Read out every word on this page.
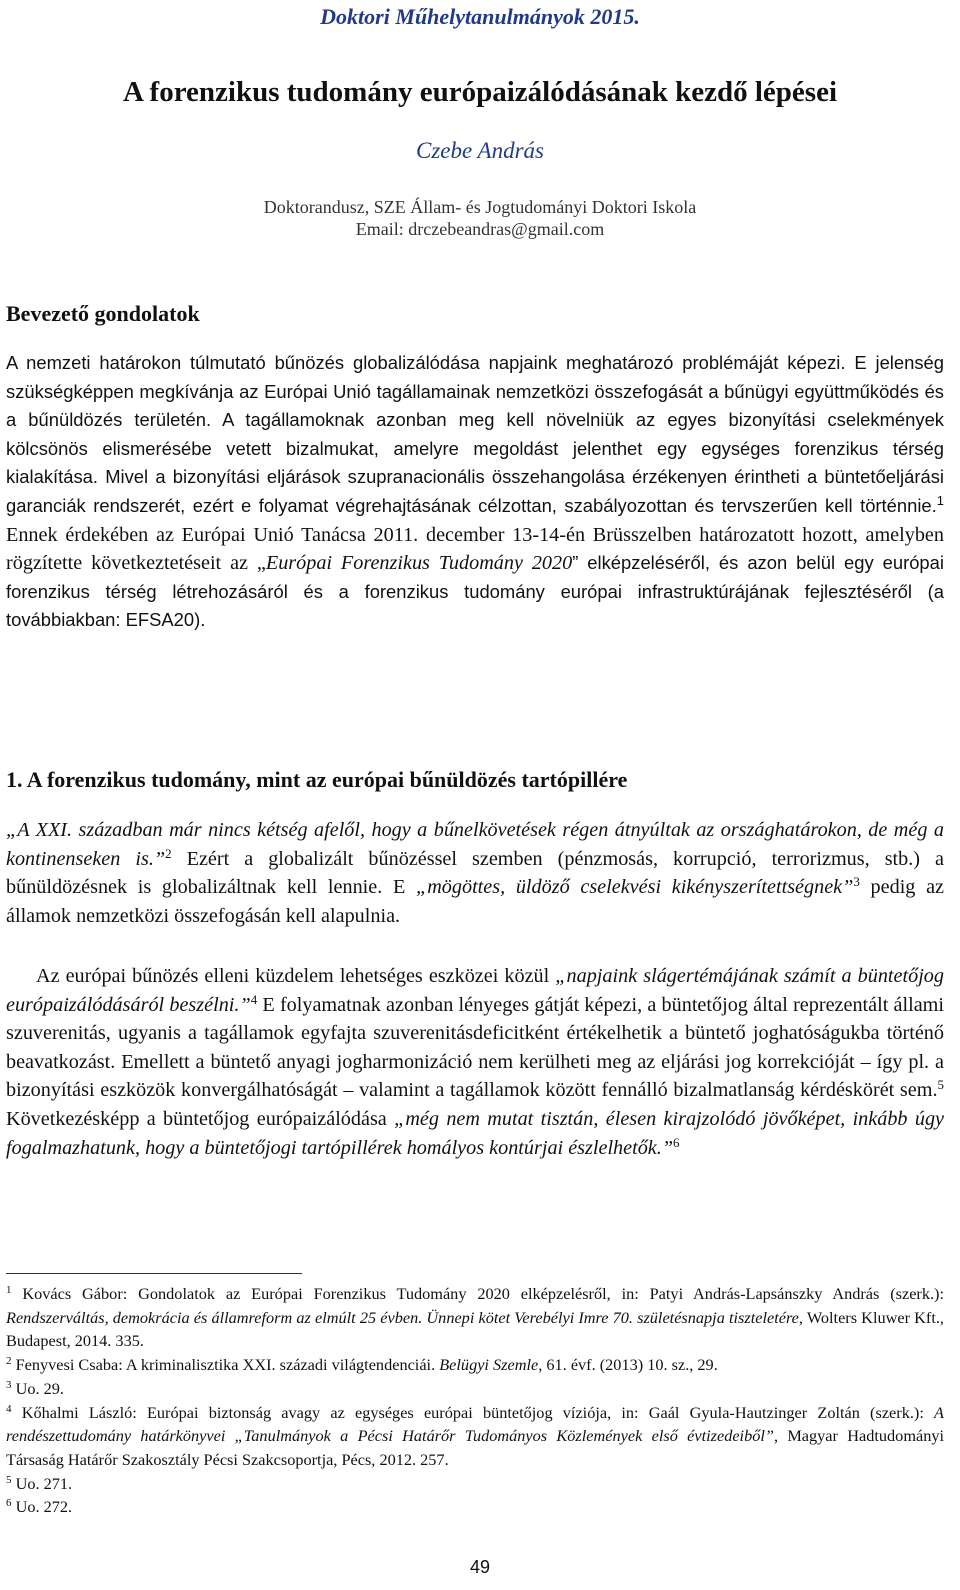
Doktori Műhelytanulmányok 2015.
A forenzikus tudomány európaizálódásának kezdő lépései
Czebe András
Doktorandusz, SZE Állam- és Jogtudományi Doktori Iskola
Email: drczebeandras@gmail.com
Bevezető gondolatok
A nemzeti határokon túlmutató bűnözés globalizálódása napjaink meghatározó problémáját képezi. E jelenség szükségképpen megkívánja az Európai Unió tagállamainak nemzetközi összefogását a bűnügyi együttműködés és a bűnüldözés területén. A tagállamoknak azonban meg kell növelniük az egyes bizonyítási cselekmények kölcsönös elismerésébe vetett bizalmukat, amelyre megoldást jelenthet egy egységes forenzikus térség kialakítása. Mivel a bizonyítási eljárások szupranacionális összehangolása érzékenyen érintheti a büntetőeljárási garanciák rendszerét, ezért e folyamat végrehajtásának célzottan, szabályozottan és tervszerűen kell történnie.$^1$ Ennek érdekében az Európai Unió Tanácsa 2011. december 13-14-én Brüsszelben határozatott hozott, amelyben rögzítette következtetéseit az „Európai Forenzikus Tudomány 2020” elképzeléséről, és azon belül egy európai forenzikus térség létrehozásáról és a forenzikus tudomány európai infrastruktúrájának fejlesztéséről (a továbbiakban: EFSA20).
1. A forenzikus tudomány, mint az európai bűnüldözés tartópillére
„A XXI. században már nincs kétség afelől, hogy a bűnelkövetések régen átnyúltak az országhatárokon, de még a kontinenseken is.”$^2$ Ezért a globalizált bűnözéssel szemben (pénzmosás, korrupció, terrorizmus, stb.) a bűnüldözésnek is globalizáltnak kell lennie. E „mögöttes, üldöző cselekvési kikényszerítettségnek”$^3$ pedig az államok nemzetközi összefogásán kell alapulnia.
Az európai bűnözés elleni küzdelem lehetséges eszközei közül „napjaink slágertémájának számít a büntetőjog európaizálódásáról beszélni.”$^4$ E folyamatnak azonban lényeges gátját képezi, a büntetőjog által reprezentált állami szuverenitás, ugyanis a tagállamok egyfajta szuverenitásdeficitként értékelhetik a büntető joghatóságukba történő beavatkozást. Emellett a büntető anyagi jogharmonizáció nem kerülheti meg az eljárási jog korrekcióját – így pl. a bizonyítási eszközök konvergálhatóságát – valamint a tagállamok között fennálló bizalmatlanság kérdéskörét sem.$^5$ Következésképp a büntetőjog európaizálódása „még nem mutat tisztán, élesen kirajzolódó jövőképet, inkább úgy fogalmazhatunk, hogy a büntetőjogi tartópillérek homályos kontúrjai észlelhetők.”$^6$

$^1$ Kovács Gábor: Gondolatok az Európai Forenzikus Tudomány 2020 elképzelésről, in: Patyi András-Lapsánszky András (szerk.): Rendszerváltás, demokrácia és államreform az elmúlt 25 évben. Ünnepi kötet Verebélyi Imre 70. születésnapja tiszteletére, Wolters Kluwer Kft., Budapest, 2014. 335.

$^2$ Fenyvesi Csaba: A kriminalisztika XXI. századi világtendenciái. Belügyi Szemle, 61. évf. (2013) 10. sz., 29.

$^3$ Uo. 29.

$^4$ Kőhalmi László: Európai biztonság avagy az egységes európai büntetőjog víziója, in: Gaál Gyula-Hautzinger Zoltán (szerk.): A rendészettudomány határkönyvei „Tanulmányok a Pécsi Határőr Tudományos Közlemények első évtizedeiből”, Magyar Hadtudományi Társaság Határőr Szakosztály Pécsi Szakcsoportja, Pécs, 2012. 257.

$^5$ Uo. 271.

$^6$ Uo. 272.

49
